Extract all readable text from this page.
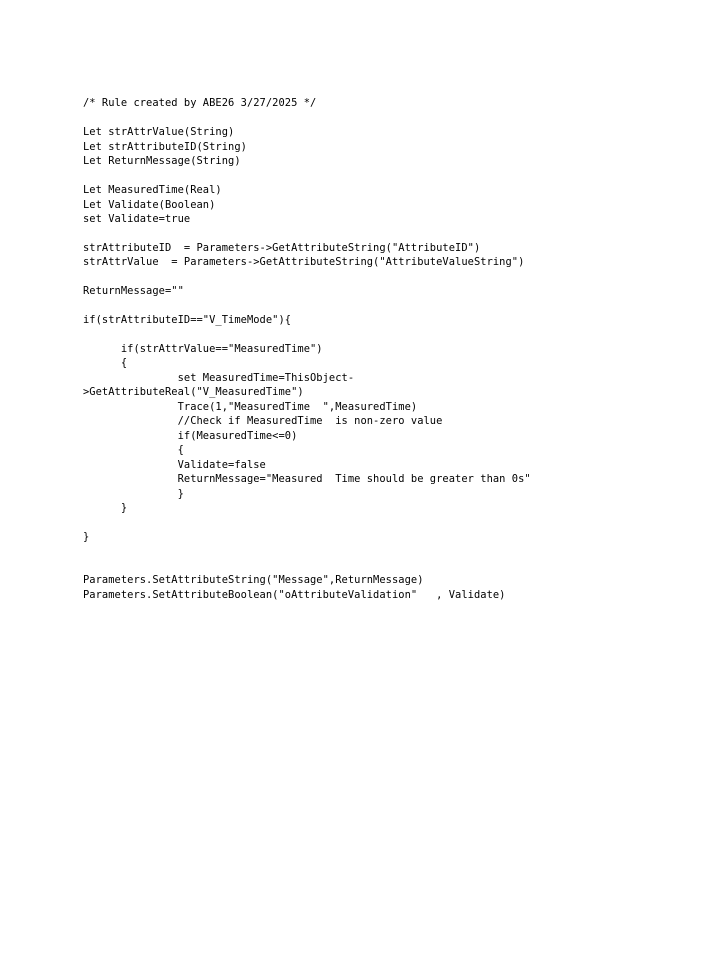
/* Rule created by ABE26 3/27/2025 */

Let strAttrValue(String)
Let strAttributeID(String)
Let ReturnMessage(String)

Let MeasuredTime(Real)
Let Validate(Boolean)
set Validate=true

strAttributeID  = Parameters->GetAttributeString("AttributeID")
strAttrValue  = Parameters->GetAttributeString("AttributeValueString")

ReturnMessage=""

if(strAttributeID=="V_TimeMode"){

if(strAttrValue=="MeasuredTime")
{
set MeasuredTime=ThisObject-
>GetAttributeReal("V_MeasuredTime")
Trace(1,"MeasuredTime  ",MeasuredTime)
//Check if MeasuredTime  is non-zero value
if(MeasuredTime<=0)
{
Validate=false
ReturnMessage="Measured  Time should be greater than 0s"
}
}

}

Parameters.SetAttributeString("Message",ReturnMessage)
Parameters.SetAttributeBoolean("oAttributeValidation"   , Validate)
